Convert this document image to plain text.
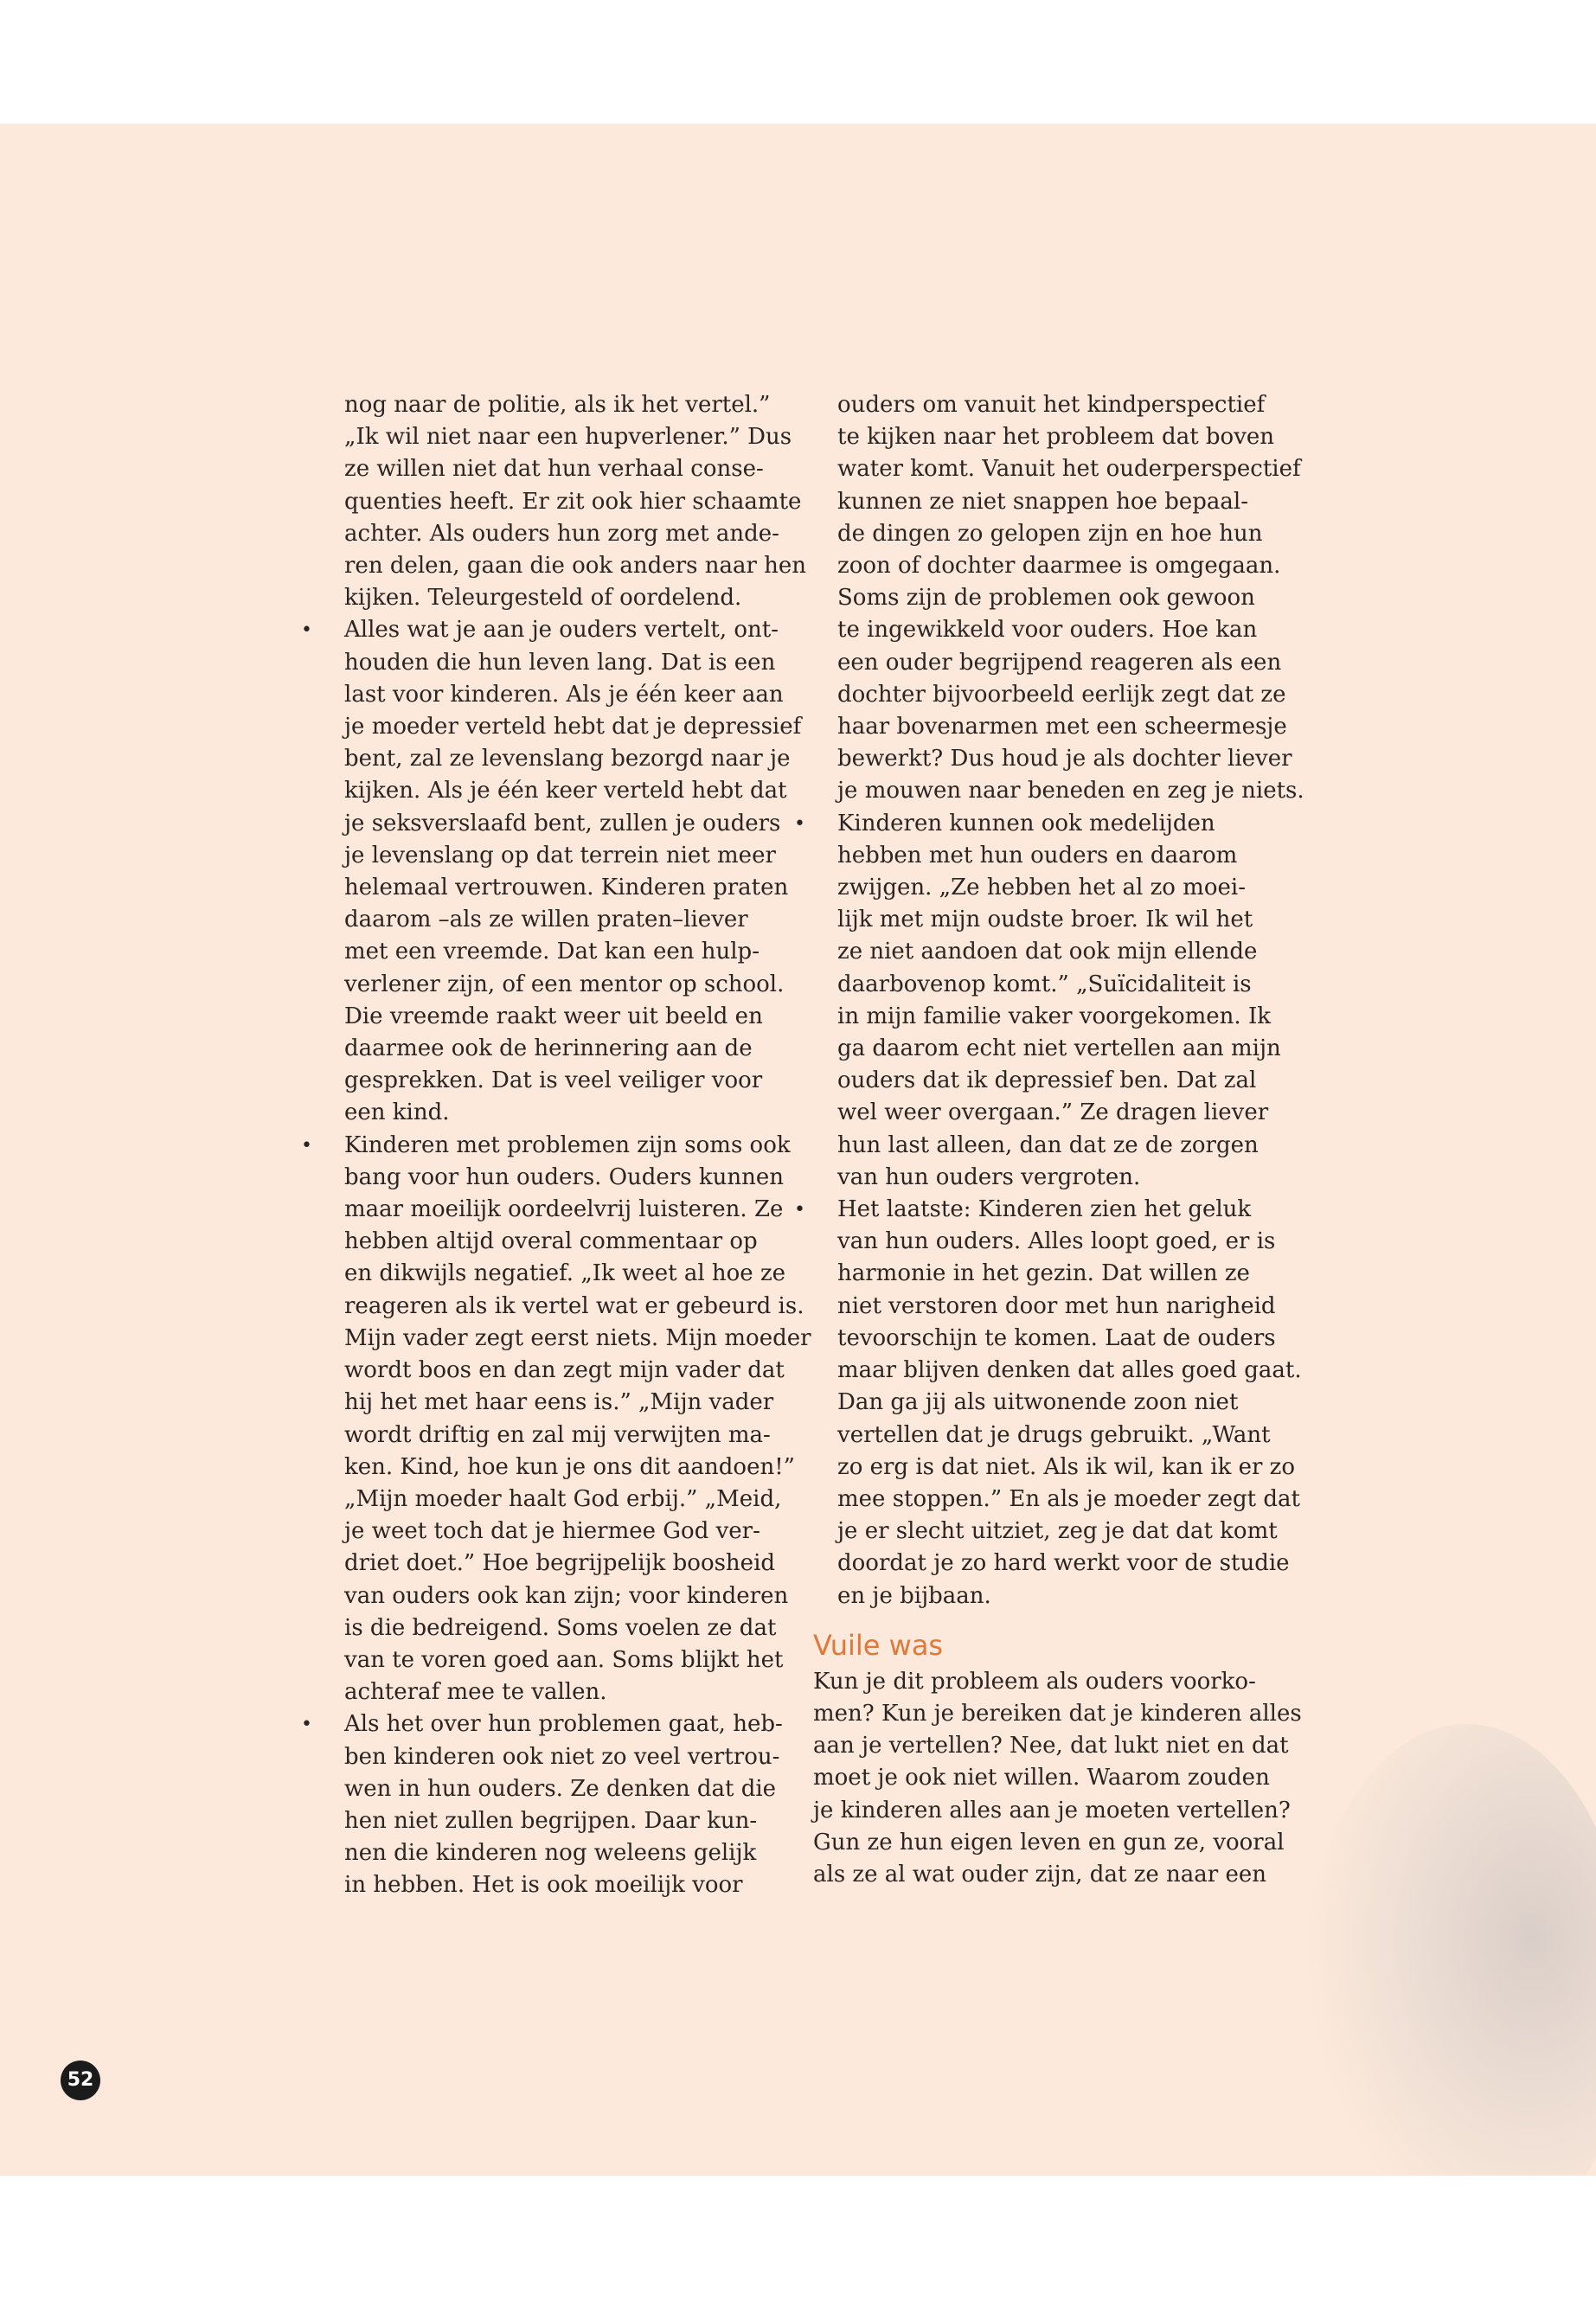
nog naar de politie, als ik het vertel.”
„Ik wil niet naar een hupverlener.” Dus
ze willen niet dat hun verhaal conse-
quenties heeft. Er zit ook hier schaamte
achter. Als ouders hun zorg met ande-
ren delen, gaan die ook anders naar hen
kijken. Teleurgesteld of oordelend.
• Alles wat je aan je ouders vertelt, ont-
houden die hun leven lang. Dat is een
last voor kinderen. Als je één keer aan
je moeder verteld hebt dat je depressief
bent, zal ze levenslang bezorgd naar je
kijken. Als je één keer verteld hebt dat
je seksverslaafd bent, zullen je ouders
je levenslang op dat terrein niet meer
helemaal vertrouwen. Kinderen praten
daarom –als ze willen praten–liever
met een vreemde. Dat kan een hulp-
verlener zijn, of een mentor op school.
Die vreemde raakt weer uit beeld en
daarmee ook de herinnering aan de
gesprekken. Dat is veel veiliger voor
een kind.
• Kinderen met problemen zijn soms ook
bang voor hun ouders. Ouders kunnen
maar moeilijk oordeelvrij luisteren. Ze
hebben altijd overal commentaar op
en dikwijls negatief. „Ik weet al hoe ze
reageren als ik vertel wat er gebeurd is.
Mijn vader zegt eerst niets. Mijn moeder
wordt boos en dan zegt mijn vader dat
hij het met haar eens is.” „Mijn vader
wordt driftig en zal mij verwijten ma-
ken. Kind, hoe kun je ons dit aandoen!”
„Mijn moeder haalt God erbij.” „Meid,
je weet toch dat je hiermee God ver-
driet doet.” Hoe begrijpelijk boosheid
van ouders ook kan zijn; voor kinderen
is die bedreigend. Soms voelen ze dat
van te voren goed aan. Soms blijkt het
achteraf mee te vallen.
• Als het over hun problemen gaat, heb-
ben kinderen ook niet zo veel vertrou-
wen in hun ouders. Ze denken dat die
hen niet zullen begrijpen. Daar kun-
nen die kinderen nog weleens gelijk
in hebben. Het is ook moeilijk voor
ouders om vanuit het kindperspectief
te kijken naar het probleem dat boven
water komt. Vanuit het ouderperspectief
kunnen ze niet snappen hoe bepaal-
de dingen zo gelopen zijn en hoe hun
zoon of dochter daarmee is omgegaan.
Soms zijn de problemen ook gewoon
te ingewikkeld voor ouders. Hoe kan
een ouder begrijpend reageren als een
dochter bijvoorbeeld eerlijk zegt dat ze
haar bovenarmen met een scheermesje
bewerkt? Dus houd je als dochter liever
je mouwen naar beneden en zeg je niets.
• Kinderen kunnen ook medelijden
hebben met hun ouders en daarom
zwijgen. „Ze hebben het al zo moei-
lijk met mijn oudste broer. Ik wil het
ze niet aandoen dat ook mijn ellende
daarbovenop komt.” „Suïcidaliteit is
in mijn familie vaker voorgekomen. Ik
ga daarom echt niet vertellen aan mijn
ouders dat ik depressief ben. Dat zal
wel weer overgaan.” Ze dragen liever
hun last alleen, dan dat ze de zorgen
van hun ouders vergroten.
• Het laatste: Kinderen zien het geluk
van hun ouders. Alles loopt goed, er is
harmonie in het gezin. Dat willen ze
niet verstoren door met hun narigheid
tevoorschijn te komen. Laat de ouders
maar blijven denken dat alles goed gaat.
Dan ga jij als uitwonende zoon niet
vertellen dat je drugs gebruikt. „Want
zo erg is dat niet. Als ik wil, kan ik er zo
mee stoppen.” En als je moeder zegt dat
je er slecht uitziet, zeg je dat dat komt
doordat je zo hard werkt voor de studie
en je bijbaan.
Vuile was
Kun je dit probleem als ouders voorko-
men? Kun je bereiken dat je kinderen alles
aan je vertellen? Nee, dat lukt niet en dat
moet je ook niet willen. Waarom zouden
je kinderen alles aan je moeten vertellen?
Gun ze hun eigen leven en gun ze, vooral
als ze al wat ouder zijn, dat ze naar een
52
